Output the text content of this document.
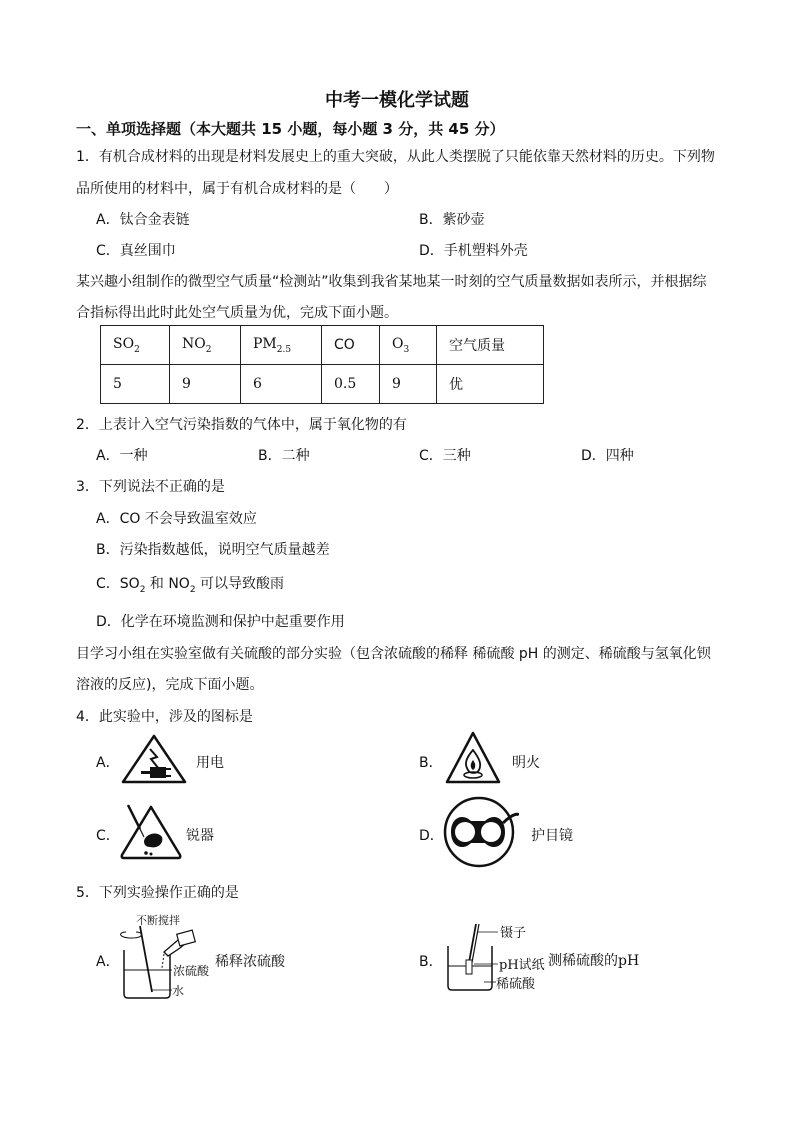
中考一模化学试题
一、单项选择题（本大题共 15 小题，每小题 3 分，共 45 分）
1．有机合成材料的出现是材料发展史上的重大突破，从此人类摆脱了只能依靠天然材料的历史。下列物
品所使用的材料中，属于有机合成材料的是（　　）
A．钛合金表链	B．紫砂壶
C．真丝围巾	D．手机塑料外壳
某兴趣小组制作的微型空气质量“检测站”收集到我省某地某一时刻的空气质量数据如表所示，并根据综
合指标得出此时此处空气质量为优，完成下面小题。
$SO_2$	$NO_2$	$PM_{2.5}$	CO	$O_3$	空气质量
5	9	6	0.5	9	优
2．上表计入空气污染指数的气体中，属于氧化物的有
A．一种	B．二种	C．三种	D．四种
3．下列说法不正确的是
A．CO 不会导致温室效应
B．污染指数越低，说明空气质量越差
C．$SO_2$ 和 $NO_2$ 可以导致酸雨
D．化学在环境监测和保护中起重要作用
目学习小组在实验室做有关硫酸的部分实验（包含浓硫酸的稀释 稀硫酸 pH 的测定、稀硫酸与氢氧化钡
溶液的反应)，完成下面小题。
4．此实验中，涉及的图标是
A．	用电	B．	明火
C．	锐器	D．	护目镜
5．下列实验操作正确的是
A．
不断搅拌
浓硫酸
水
稀释浓硫酸	B．
镊子
pH试纸
稀硫酸
测稀硫酸的pH
